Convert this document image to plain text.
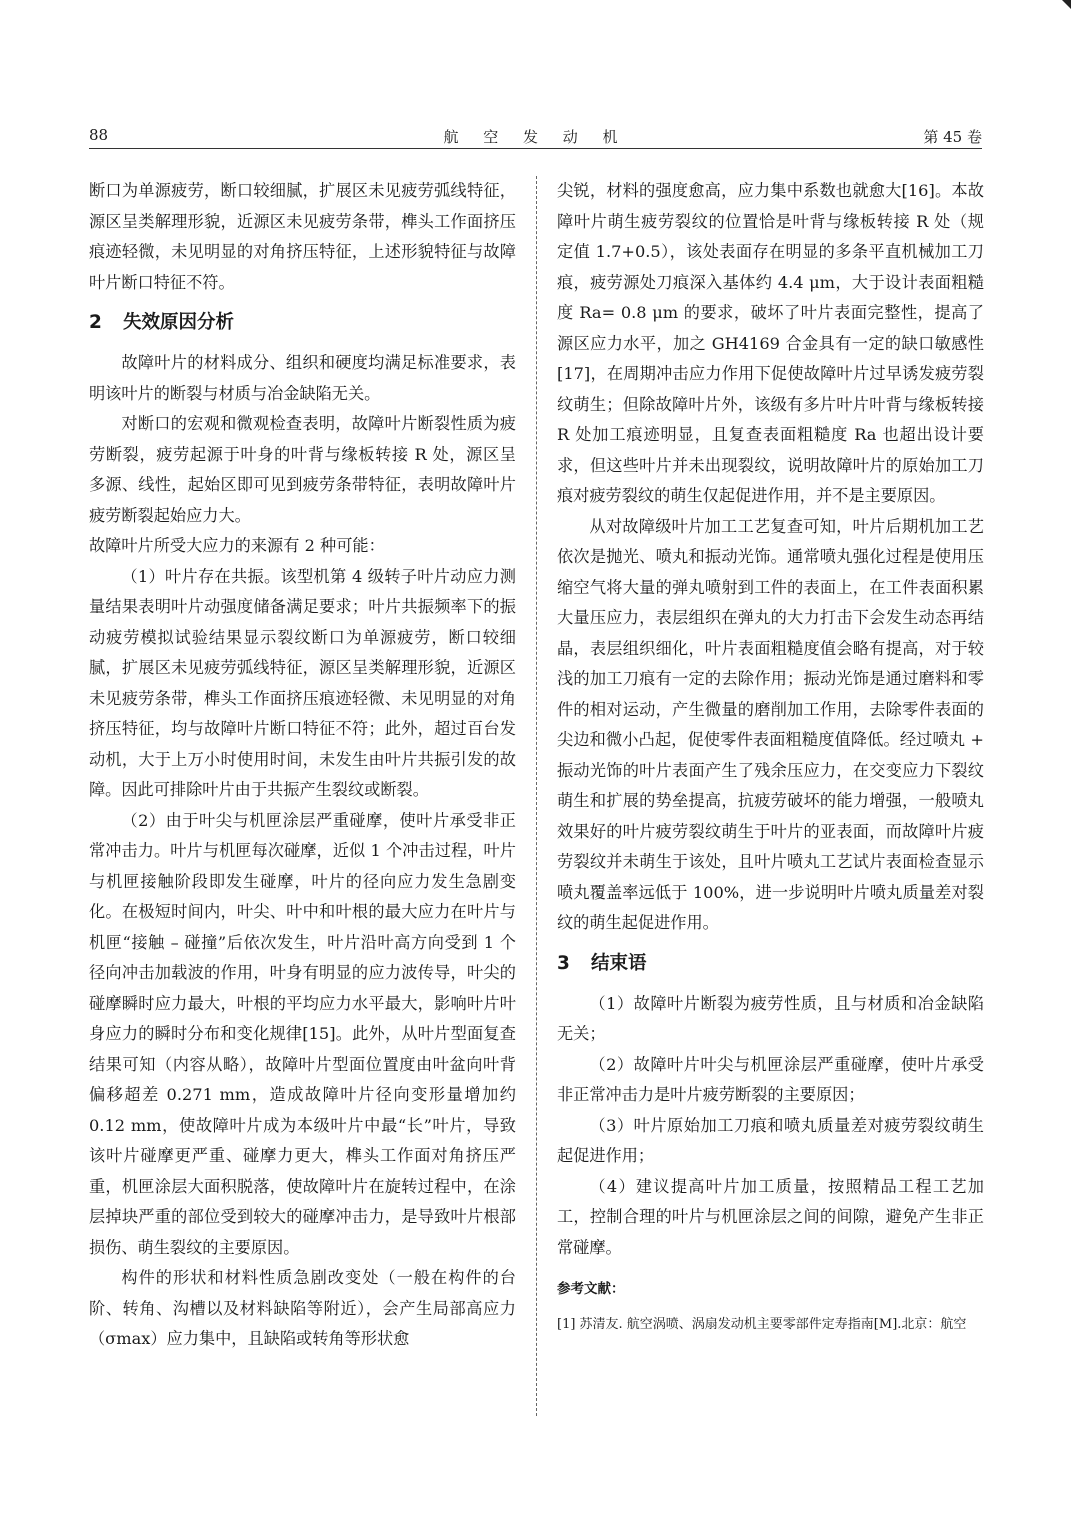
88	航 空 发 动 机	第 45 卷

断口为单源疲劳，断口较细腻，扩展区未见疲劳弧线特征，源区呈类解理形貌，近源区未见疲劳条带，榫头工作面挤压痕迹轻微，未见明显的对角挤压特征，上述形貌特征与故障叶片断口特征不符。

2 失效原因分析

故障叶片的材料成分、组织和硬度均满足标准要求，表明该叶片的断裂与材质与冶金缺陷无关。

对断口的宏观和微观检查表明，故障叶片断裂性质为疲劳断裂，疲劳起源于叶身的叶背与缘板转接 R 处，源区呈多源、线性，起始区即可见到疲劳条带特征，表明故障叶片疲劳断裂起始应力大。

故障叶片所受大应力的来源有 2 种可能：

（1）叶片存在共振。该型机第 4 级转子叶片动应力测量结果表明叶片动强度储备满足要求；叶片共振频率下的振动疲劳模拟试验结果显示裂纹断口为单源疲劳，断口较细腻，扩展区未见疲劳弧线特征，源区呈类解理形貌，近源区未见疲劳条带，榫头工作面挤压痕迹轻微、未见明显的对角挤压特征，均与故障叶片断口特征不符；此外，超过百台发动机，大于上万小时使用时间，未发生由叶片共振引发的故障。因此可排除叶片由于共振产生裂纹或断裂。

（2）由于叶尖与机匣涂层严重碰摩，使叶片承受非正常冲击力。叶片与机匣每次碰摩，近似 1 个冲击过程，叶片与机匣接触阶段即发生碰摩，叶片的径向应力发生急剧变化。在极短时间内，叶尖、叶中和叶根的最大应力在叶片与机匣“接触 – 碰撞”后依次发生，叶片沿叶高方向受到 1 个径向冲击加载波的作用，叶身有明显的应力波传导，叶尖的碰摩瞬时应力最大，叶根的平均应力水平最大，影响叶片叶身应力的瞬时分布和变化规律[15]。此外，从叶片型面复查结果可知（内容从略），故障叶片型面位置度由叶盆向叶背偏移超差 0.271 mm，造成故障叶片径向变形量增加约 0.12 mm，使故障叶片成为本级叶片中最“长”叶片，导致该叶片碰摩更严重、碰摩力更大，榫头工作面对角挤压严重，机匣涂层大面积脱落，使故障叶片在旋转过程中，在涂层掉块严重的部位受到较大的碰摩冲击力，是导致叶片根部损伤、萌生裂纹的主要原因。

构件的形状和材料性质急剧改变处（一般在构件的台阶、转角、沟槽以及材料缺陷等附近），会产生局部高应力（σmax）应力集中，且缺陷或转角等形状愈

尖锐，材料的强度愈高，应力集中系数也就愈大[16]。本故障叶片萌生疲劳裂纹的位置恰是叶背与缘板转接 R 处（规定值 1.7+0.5），该处表面存在明显的多条平直机械加工刀痕，疲劳源处刀痕深入基体约 4.4 μm，大于设计表面粗糙度 Ra= 0.8 μm 的要求，破坏了叶片表面完整性，提高了源区应力水平，加之 GH4169 合金具有一定的缺口敏感性[17]，在周期冲击应力作用下促使故障叶片过早诱发疲劳裂纹萌生；但除故障叶片外，该级有多片叶片叶背与缘板转接 R 处加工痕迹明显，且复查表面粗糙度 Ra 也超出设计要求，但这些叶片并未出现裂纹，说明故障叶片的原始加工刀痕对疲劳裂纹的萌生仅起促进作用，并不是主要原因。

从对故障级叶片加工工艺复查可知，叶片后期机加工艺依次是抛光、喷丸和振动光饰。通常喷丸强化过程是使用压缩空气将大量的弹丸喷射到工件的表面上，在工件表面积累大量压应力，表层组织在弹丸的大力打击下会发生动态再结晶，表层组织细化，叶片表面粗糙度值会略有提高，对于较浅的加工刀痕有一定的去除作用；振动光饰是通过磨料和零件的相对运动，产生微量的磨削加工作用，去除零件表面的尖边和微小凸起，促使零件表面粗糙度值降低。经过喷丸 + 振动光饰的叶片表面产生了残余压应力，在交变应力下裂纹萌生和扩展的势垒提高，抗疲劳破坏的能力增强，一般喷丸效果好的叶片疲劳裂纹萌生于叶片的亚表面，而故障叶片疲劳裂纹并未萌生于该处，且叶片喷丸工艺试片表面检查显示喷丸覆盖率远低于 100%，进一步说明叶片喷丸质量差对裂纹的萌生起促进作用。

3 结束语

（1）故障叶片断裂为疲劳性质，且与材质和冶金缺陷无关；

（2）故障叶片叶尖与机匣涂层严重碰摩，使叶片承受非正常冲击力是叶片疲劳断裂的主要原因；

（3）叶片原始加工刀痕和喷丸质量差对疲劳裂纹萌生起促进作用；

（4）建议提高叶片加工质量，按照精品工程工艺加工，控制合理的叶片与机匣涂层之间的间隙，避免产生非正常碰摩。

参考文献：

[1] 苏清友. 航空涡喷、涡扇发动机主要零部件定寿指南[M].北京：航空
